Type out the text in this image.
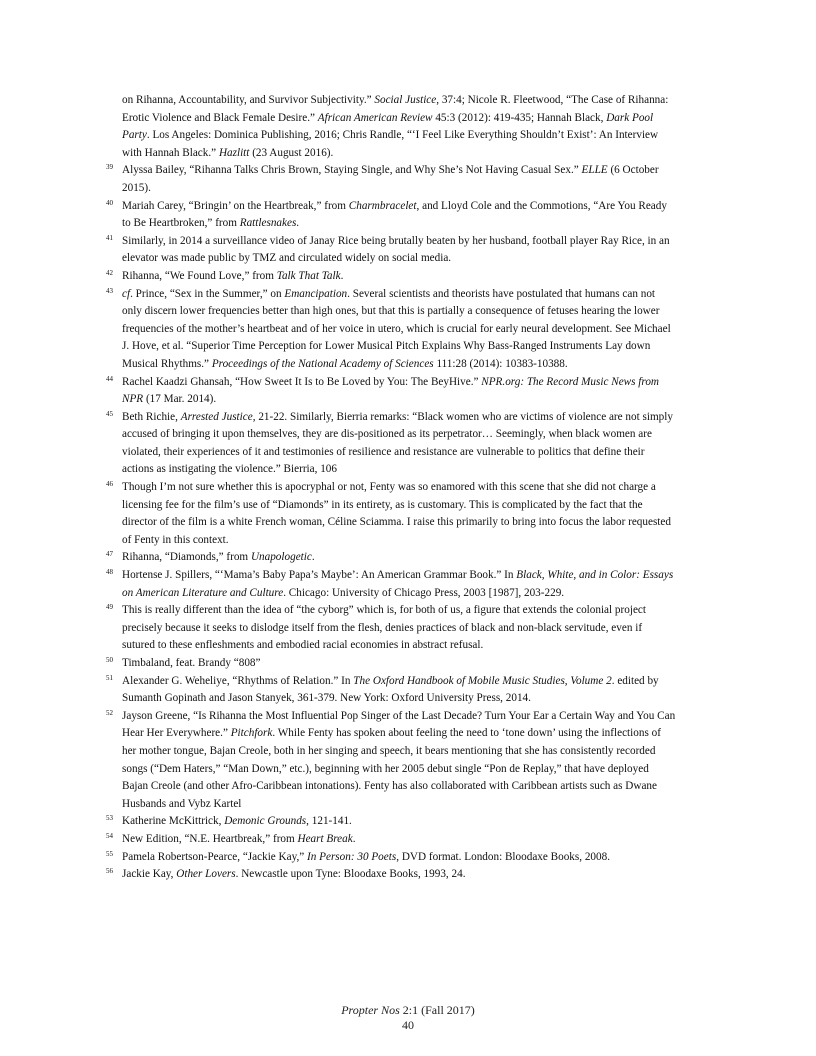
on Rihanna, Accountability, and Survivor Subjectivity.” Social Justice, 37:4; Nicole R. Fleetwood, “The Case of Rihanna: Erotic Violence and Black Female Desire.” African American Review 45:3 (2012): 419-435; Hannah Black, Dark Pool Party. Los Angeles: Dominica Publishing, 2016; Chris Randle, “‘I Feel Like Everything Shouldn’t Exist’: An Interview with Hannah Black.” Hazlitt (23 August 2016).
39 Alyssa Bailey, “Rihanna Talks Chris Brown, Staying Single, and Why She’s Not Having Casual Sex.” ELLE (6 October 2015).
40 Mariah Carey, “Bringin’ on the Heartbreak,” from Charmbracelet, and Lloyd Cole and the Commotions, “Are You Ready to Be Heartbroken,” from Rattlesnakes.
41 Similarly, in 2014 a surveillance video of Janay Rice being brutally beaten by her husband, football player Ray Rice, in an elevator was made public by TMZ and circulated widely on social media.
42 Rihanna, “We Found Love,” from Talk That Talk.
43 cf. Prince, “Sex in the Summer,” on Emancipation. Several scientists and theorists have postulated that humans can not only discern lower frequencies better than high ones, but that this is partially a consequence of fetuses hearing the lower frequencies of the mother’s heartbeat and of her voice in utero, which is crucial for early neural development. See Michael J. Hove, et al. “Superior Time Perception for Lower Musical Pitch Explains Why Bass-Ranged Instruments Lay down Musical Rhythms.” Proceedings of the National Academy of Sciences 111:28 (2014): 10383-10388.
44 Rachel Kaadzi Ghansah, “How Sweet It Is to Be Loved by You: The BeyHive.” NPR.org: The Record Music News from NPR (17 Mar. 2014).
45 Beth Richie, Arrested Justice, 21-22. Similarly, Bierria remarks: “Black women who are victims of violence are not simply accused of bringing it upon themselves, they are dis-positioned as its perpetrator… Seemingly, when black women are violated, their experiences of it and testimonies of resilience and resistance are vulnerable to politics that define their actions as instigating the violence.” Bierria, 106
46 Though I’m not sure whether this is apocryphal or not, Fenty was so enamored with this scene that she did not charge a licensing fee for the film’s use of “Diamonds” in its entirety, as is customary. This is complicated by the fact that the director of the film is a white French woman, Céline Sciamma. I raise this primarily to bring into focus the labor requested of Fenty in this context.
47 Rihanna, “Diamonds,” from Unapologetic.
48 Hortense J. Spillers, “‘Mama’s Baby Papa’s Maybe’: An American Grammar Book.” In Black, White, and in Color: Essays on American Literature and Culture. Chicago: University of Chicago Press, 2003 [1987], 203-229.
49 This is really different than the idea of “the cyborg” which is, for both of us, a figure that extends the colonial project precisely because it seeks to dislodge itself from the flesh, denies practices of black and non-black servitude, even if sutured to these enfleshments and embodied racial economies in abstract refusal.
50 Timbaland, feat. Brandy “808”
51 Alexander G. Weheliye, “Rhythms of Relation.” In The Oxford Handbook of Mobile Music Studies, Volume 2. edited by Sumanth Gopinath and Jason Stanyek, 361-379. New York: Oxford University Press, 2014.
52 Jayson Greene, “Is Rihanna the Most Influential Pop Singer of the Last Decade? Turn Your Ear a Certain Way and You Can Hear Her Everywhere.” Pitchfork. While Fenty has spoken about feeling the need to ‘tone down’ using the inflections of her mother tongue, Bajan Creole, both in her singing and speech, it bears mentioning that she has consistently recorded songs (“Dem Haters,” “Man Down,” etc.), beginning with her 2005 debut single “Pon de Replay,” that have deployed Bajan Creole (and other Afro-Caribbean intonations). Fenty has also collaborated with Caribbean artists such as Dwane Husbands and Vybz Kartel
53 Katherine McKittrick, Demonic Grounds, 121-141.
54 New Edition, “N.E. Heartbreak,” from Heart Break.
55 Pamela Robertson-Pearce, “Jackie Kay,” In Person: 30 Poets, DVD format. London: Bloodaxe Books, 2008.
56 Jackie Kay, Other Lovers. Newcastle upon Tyne: Bloodaxe Books, 1993, 24.
Propter Nos 2:1 (Fall 2017)
40
